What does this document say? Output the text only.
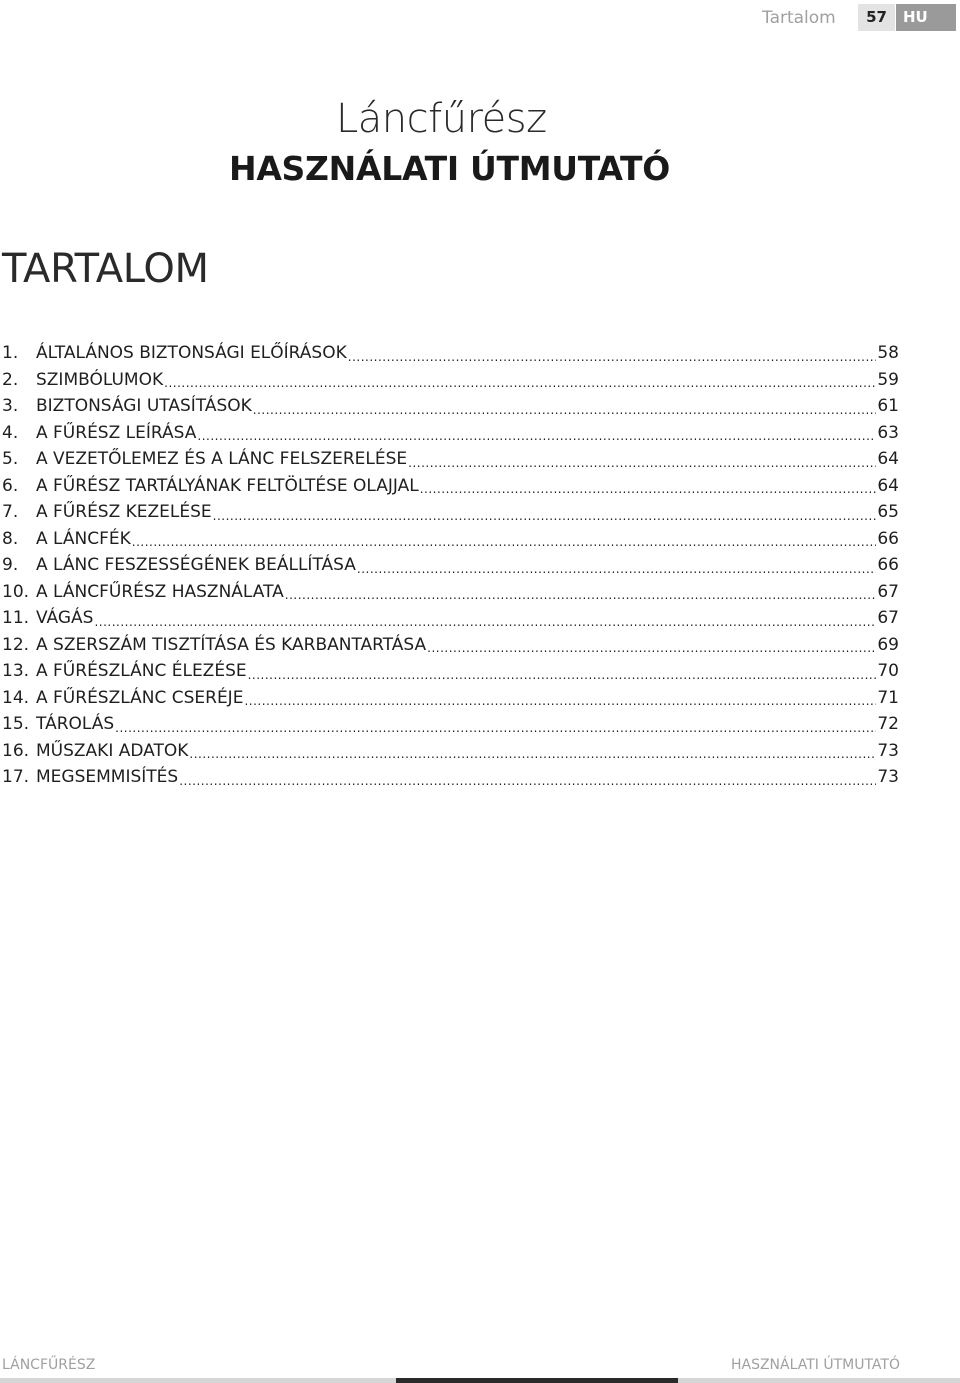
Tartalom	57	HU
Láncfűrész
HASZNÁLATI ÚTMUTATÓ
TARTALOM
1.	ÁLTALÁNOS BIZTONSÁGI ELŐÍRÁSOK .....	58
2.	SZIMBÓLUMOK .....	59
3.	BIZTONSÁGI UTASÍTÁSOK .....	61
4.	A FŰRÉSZ LEÍRÁSA .....	63
5.	A VEZETŐLEMEZ ÉS A LÁNC FELSZERELÉSE .....	64
6.	A FŰRÉSZ TARTÁLYÁNAK FELTÖLTÉSE OLAJJAL .....	64
7.	A FŰRÉSZ KEZELÉSE .....	65
8.	A LÁNCFÉK .....	66
9.	A LÁNC FESZESSÉGÉNEK BEÁLLÍTÁSA .....	66
10. A LÁNCFŰRÉSZ HASZNÁLATA .....	67
11. VÁGÁS .....	67
12. A SZERSZÁM TISZTÍTÁSA ÉS KARBANTARTÁSA .....	69
13. A FŰRÉSZLÁNC ÉLEZÉSE .....	70
14. A FŰRÉSZLÁNC CSERÉJE .....	71
15. TÁROLÁS .....	72
16. MŰSZAKI ADATOK .....	73
17. MEGSEMMISÍTÉS .....	73
LÁNCFŰRÉSZ	HASZNÁLATI ÚTMUTATÓ
